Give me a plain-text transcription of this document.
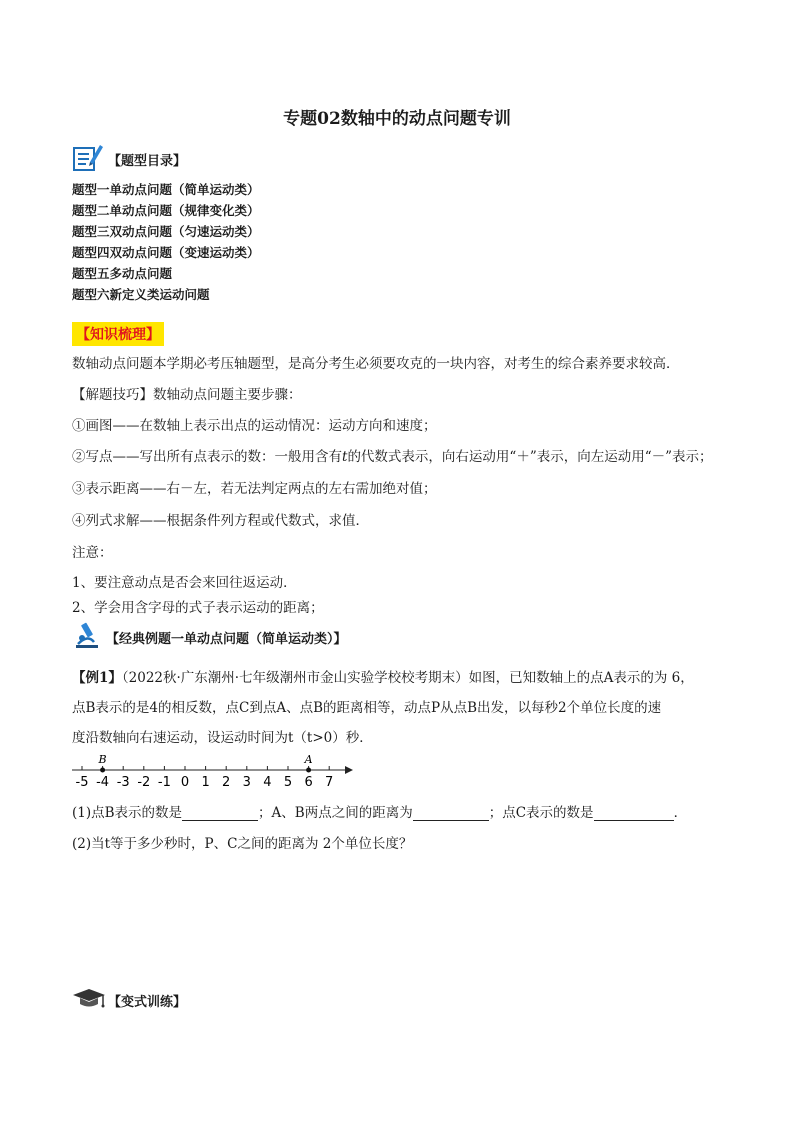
专题02数轴中的动点问题专训
【题型目录】
题型一单动点问题（简单运动类）
题型二单动点问题（规律变化类）
题型三双动点问题（匀速运动类）
题型四双动点问题（变速运动类）
题型五多动点问题
题型六新定义类运动问题
【知识梳理】
数轴动点问题本学期必考压轴题型，是高分考生必须要攻克的一块内容，对考生的综合素养要求较高．
【解题技巧】数轴动点问题主要步骤：
①画图——在数轴上表示出点的运动情况：运动方向和速度；
②写点——写出所有点表示的数：一般用含有t的代数式表示，向右运动用“＋”表示，向左运动用“－”表示；
③表示距离——右－左，若无法判定两点的左右需加绝对值；
④列式求解——根据条件列方程或代数式，求值．
注意：
1、要注意动点是否会来回往返运动．
2、学会用含字母的式子表示运动的距离；
【经典例题一单动点问题（简单运动类）】
【例1】（2022秋·广东潮州·七年级潮州市金山实验学校校考期末）如图，已知数轴上的点A表示的为 6，
点B表示的是4的相反数，点C到点A、点B的距离相等，动点P从点B出发，以每秒2个单位长度的速
度沿数轴向右速运动，设运动时间为t（t>0）秒．
-5 -4 -3 -2 -1 0 1 2 3 4 5 6 7
B	A
(1)点B表示的数是	；A、B两点之间的距离为	；点C表示的数是	．
(2)当t等于多少秒时，P、C之间的距离为 2个单位长度？
【变式训练】
